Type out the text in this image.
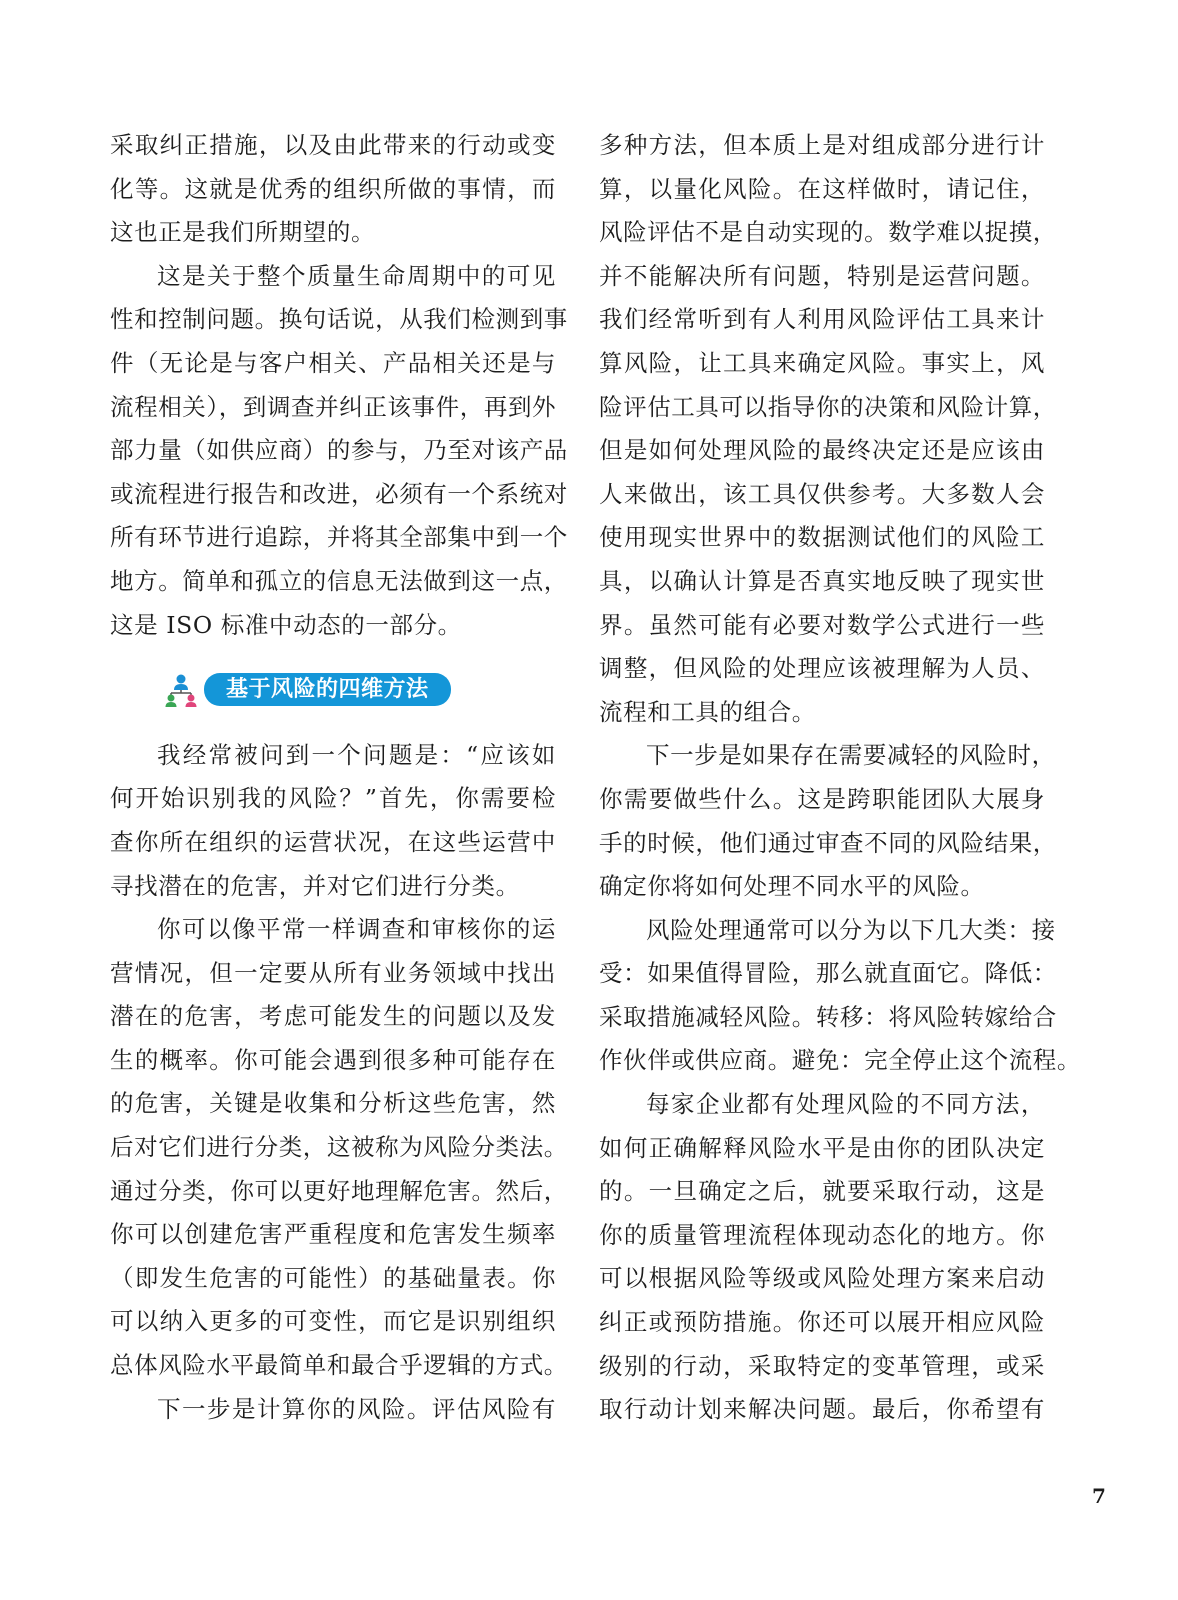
采取纠正措施，以及由此带来的行动或变
化等。这就是优秀的组织所做的事情，而
这也正是我们所期望的。
这是关于整个质量生命周期中的可见
性和控制问题。换句话说，从我们检测到事
件（无论是与客户相关、产品相关还是与
流程相关），到调查并纠正该事件，再到外
部力量（如供应商）的参与，乃至对该产品
或流程进行报告和改进，必须有一个系统对
所有环节进行追踪，并将其全部集中到一个
地方。简单和孤立的信息无法做到这一点，
这是 ISO 标准中动态的一部分。
基于风险的四维方法
我经常被问到一个问题是：“应该如
何开始识别我的风险？”首先，你需要检
查你所在组织的运营状况，在这些运营中
寻找潜在的危害，并对它们进行分类。
你可以像平常一样调查和审核你的运
营情况，但一定要从所有业务领域中找出
潜在的危害，考虑可能发生的问题以及发
生的概率。你可能会遇到很多种可能存在
的危害，关键是收集和分析这些危害，然
后对它们进行分类，这被称为风险分类法。
通过分类，你可以更好地理解危害。然后，
你可以创建危害严重程度和危害发生频率
（即发生危害的可能性）的基础量表。你
可以纳入更多的可变性，而它是识别组织
总体风险水平最简单和最合乎逻辑的方式。
下一步是计算你的风险。评估风险有
多种方法，但本质上是对组成部分进行计
算，以量化风险。在这样做时，请记住，
风险评估不是自动实现的。数学难以捉摸，
并不能解决所有问题，特别是运营问题。
我们经常听到有人利用风险评估工具来计
算风险，让工具来确定风险。事实上，风
险评估工具可以指导你的决策和风险计算，
但是如何处理风险的最终决定还是应该由
人来做出，该工具仅供参考。大多数人会
使用现实世界中的数据测试他们的风险工
具，以确认计算是否真实地反映了现实世
界。虽然可能有必要对数学公式进行一些
调整，但风险的处理应该被理解为人员、
流程和工具的组合。
下一步是如果存在需要减轻的风险时，
你需要做些什么。这是跨职能团队大展身
手的时候，他们通过审查不同的风险结果，
确定你将如何处理不同水平的风险。
风险处理通常可以分为以下几大类：接
受：如果值得冒险，那么就直面它。降低：
采取措施减轻风险。转移：将风险转嫁给合
作伙伴或供应商。避免：完全停止这个流程。
每家企业都有处理风险的不同方法，
如何正确解释风险水平是由你的团队决定
的。一旦确定之后，就要采取行动，这是
你的质量管理流程体现动态化的地方。你
可以根据风险等级或风险处理方案来启动
纠正或预防措施。你还可以展开相应风险
级别的行动，采取特定的变革管理，或采
取行动计划来解决问题。最后，你希望有
7
